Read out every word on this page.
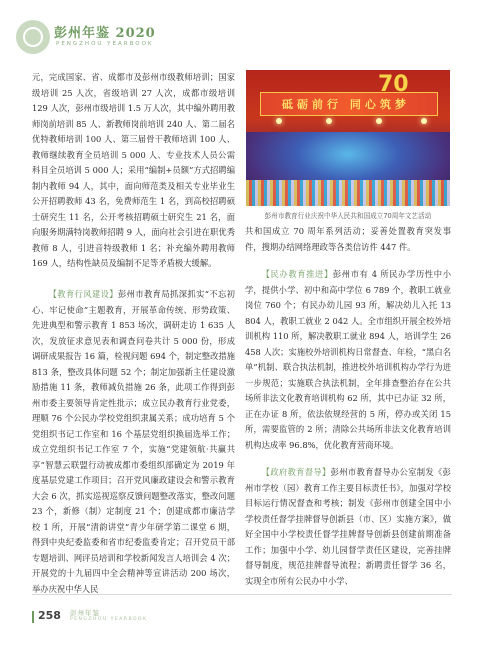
彭州年鉴 2020
PENGZHOU YEARBOOK

元，完成国家、省、成都市及彭州市级教师培训；国家级培训 25 人次，省级培训 27 人次，成都市级培训 129 人次，彭州市级培训 1.5 万人次，其中编外聘用教师岗前培训 85 人、新教师岗前培训 240 人、第二届名优特教师培训 100 人、第三届骨干教师培训 100 人、教师继续教育全员培训 5 000 人、专业技术人员公需科目全员培训 5 000 人；采用“编制+员额”方式招聘编制内教师 94 人，其中，面向师范类及相关专业毕业生公开招聘教师 43 名，免费师范生 1 名，到高校招聘硕士研究生 11 名，公开考核招聘硕士研究生 21 名，面向服务期满特岗教师招聘 9 人，面向社会引进在职优秀教师 8 人，引进音特级教师 1 名；补充编外聘用教师 169 人，结构性缺员及编制不足等矛盾极大缓解。

【教育行风建设】彭州市教育局抓深抓实“不忘初心、牢记使命”主题教育，开展革命传统、形势政策、先进典型和警示教育 1 853 场次，调研走访 1 635 人次，发放征求意见表和调查问卷共计 5 000 份，形成调研成果报告 16 篇，检视问题 694 个，制定整改措施 813 条，整改具体问题 52 个；制定加强新主任建设激励措施 11 条，教师减负措施 26 条，此项工作得到彭州市委主要领导肯定性批示；成立民办教育行业党委，理顺 76 个公民办学校党组织隶属关系；成功培育 5 个党组织书记工作室和 16 个基层党组织换届选举工作；成立党组织书记工作室 7 个，实施“党建领航·共赢共享”智慧云联盟行动被成都市委组织部确定为 2019 年度基层党建工作项目；召开党风廉政建设会和警示教育大会 6 次，抓实巡视巡察反馈问题整改落实，整改问题 23 个，新修（制）定制度 21 个；创建成都市廉洁学校 1 所，开展“清韵讲堂”青少年研学第二课堂 6 期，得到中央纪委监委和省市纪委监委肯定；召开党员干部专题培训、网评员培训和学校新闻发言人培训会 4 次；开展党的十九届四中全会精神等宣讲活动 200 场次，举办庆祝中华人民

70
砥砺前行 同心筑梦
彭州市教育行业庆祝中华人民共和国成立70周年文艺活动

共和国成立 70 周年系列活动；妥善处置教育突发事件，搜期办结网络理政等各类信访件 447 件。

【民办教育推进】彭州市有 4 所民办学历性中小学，提供小学、初中和高中学位 6 789 个，教职工就业岗位 760 个；有民办幼儿园 93 所，解决幼儿入托 13 804 人，教职工就业 2 042 人。全市组织开展全校外培训机构 110 所，解决教职工就业 894 人，培训学生 26 458 人次；实施校外培训机构日常督查、年检，“黑白名单”机制、联合执法机制，推进校外培训机构办学行为进一步规范；实施联合执法机制，全年排查整治存在公共场所非法文化教育培训机构 62 所，其中已办证 32 所，正在办证 8 所，依法依规经营的 5 所，停办或关闭 15 所，需要监管的 2 所；清除公共场所非法文化教育培训机构达成率 96.8%，优化教育营商环境。

【政府教育督导】彭州市教育督导办公室制发《彭州市学校（园）教育工作主要目标责任书》，加强对学校目标运行情况督查和考核；制发《彭州市创建全国中小学校责任督学挂牌督导创新县（市、区）实施方案》，做好全国中小学校责任督学挂牌督导创新县创建前期准备工作；加强中小学、幼儿园督学责任区建设，完善挂牌督导制度，规范挂牌督导流程；新聘责任督学 36 名，实现全市所有公民办中小学、

258 彭州年鉴
PENGZHOU YEARBOOK
